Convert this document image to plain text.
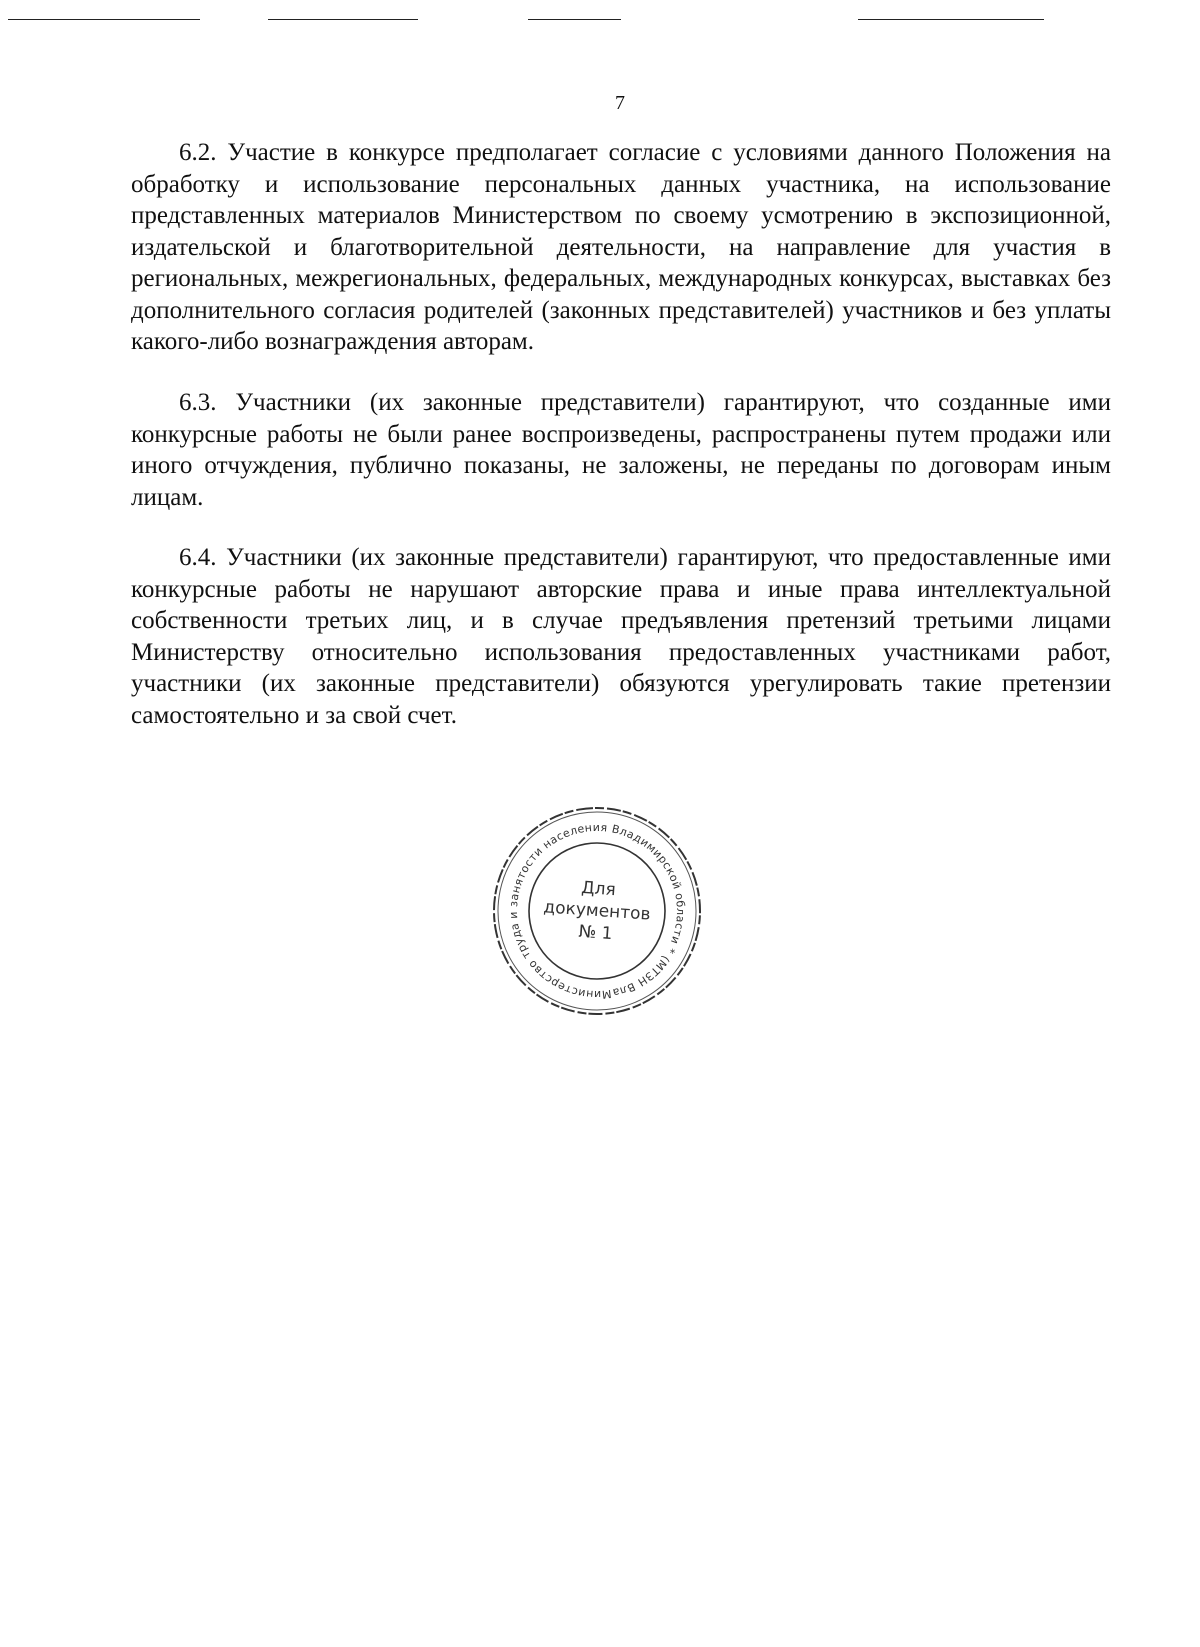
7

6.2. Участие в конкурсе предполагает согласие с условиями данного Положения на обработку и использование персональных данных участника, на использование представленных материалов Министерством по своему усмотрению в экспозиционной, издательской и благотворительной деятельности, на направление для участия в региональных, межрегиональных, федеральных, международных конкурсах, выставках без дополнительного согласия родителей (законных представителей) участников и без уплаты какого-либо вознаграждения авторам.

6.3. Участники (их законные представители) гарантируют, что созданные ими конкурсные работы не были ранее воспроизведены, распространены путем продажи или иного отчуждения, публично показаны, не заложены, не переданы по договорам иным лицам.

6.4. Участники (их законные представители) гарантируют, что предоставленные ими конкурсные работы не нарушают авторские права и иные права интеллектуальной собственности третьих лиц, и в случае предъявления претензий третьими лицами Министерству относительно использования предоставленных участниками работ, участники (их законные представители) обязуются урегулировать такие претензии самостоятельно и за свой счет.

Министерство труда и занятости населения Владимирской области * (МТЗН Владимирской
Для
документов
№ 1
